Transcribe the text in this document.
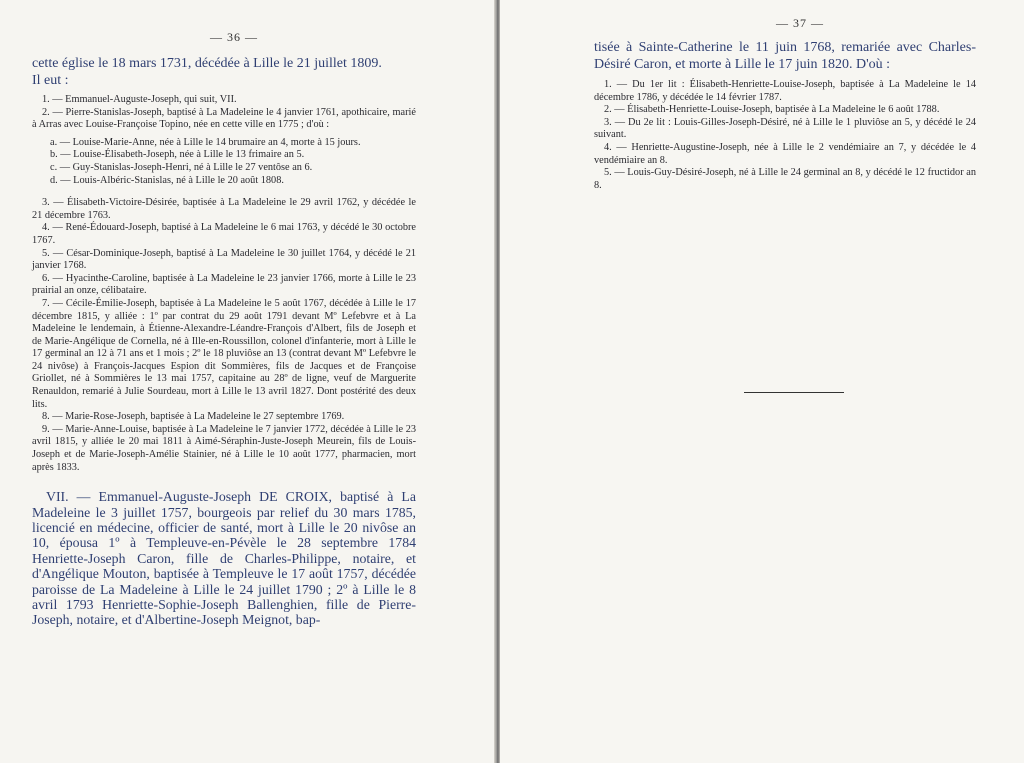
— 36 —

cette église le 18 mars 1731, décédée à Lille le 21 juillet 1809.

Il eut :

1. — Emmanuel-Auguste-Joseph, qui suit, VII.

2. — Pierre-Stanislas-Joseph, baptisé à La Madeleine le 4 janvier 1761, apothicaire, marié à Arras avec Louise-Françoise Topino, née en cette ville en 1775 ; d'où :

a. — Louise-Marie-Anne, née à Lille le 14 brumaire an 4, morte à 15 jours.

b. — Louise-Élisabeth-Joseph, née à Lille le 13 frimaire an 5.

c. — Guy-Stanislas-Joseph-Henri, né à Lille le 27 ventôse an 6.

d. — Louis-Albéric-Stanislas, né à Lille le 20 août 1808.

3. — Élisabeth-Victoire-Désirée, baptisée à La Madeleine le 29 avril 1762, y décédée le 21 décembre 1763.

4. — René-Édouard-Joseph, baptisé à La Madeleine le 6 mai 1763, y décédé le 30 octobre 1767.

5. — César-Dominique-Joseph, baptisé à La Madeleine le 30 juillet 1764, y décédé le 21 janvier 1768.

6. — Hyacinthe-Caroline, baptisée à La Madeleine le 23 janvier 1766, morte à Lille le 23 prairial an onze, célibataire.

7. — Cécile-Émilie-Joseph, baptisée à La Madeleine le 5 août 1767, décédée à Lille le 17 décembre 1815, y alliée : 1º par contrat du 29 août 1791 devant Mº Lefebvre et à La Madeleine le lendemain, à Étienne-Alexandre-Léandre-François d'Albert, fils de Joseph et de Marie-Angélique de Cornella, né à Ille-en-Roussillon, colonel d'infanterie, mort à Lille le 17 germinal an 12 à 71 ans et 1 mois ; 2º le 18 pluviôse an 13 (contrat devant Mº Lefebvre le 24 nivôse) à François-Jacques Espion dit Sommières, fils de Jacques et de Françoise Griollet, né à Sommières le 13 mai 1757, capitaine au 28º de ligne, veuf de Marguerite Renauldon, remarié à Julie Sourdeau, mort à Lille le 13 avril 1827. Dont postérité des deux lits.

8. — Marie-Rose-Joseph, baptisée à La Madeleine le 27 septembre 1769.

9. — Marie-Anne-Louise, baptisée à La Madeleine le 7 janvier 1772, décédée à Lille le 23 avril 1815, y alliée le 20 mai 1811 à Aimé-Séraphin-Juste-Joseph Meurein, fils de Louis-Joseph et de Marie-Joseph-Amélie Stainier, né à Lille le 10 août 1777, pharmacien, mort après 1833.

VII. — Emmanuel-Auguste-Joseph DE CROIX, baptisé à La Madeleine le 3 juillet 1757, bourgeois par relief du 30 mars 1785, licencié en médecine, officier de santé, mort à Lille le 20 nivôse an 10, épousa 1º à Templeuve-en-Pévèle le 28 septembre 1784 Henriette-Joseph Caron, fille de Charles-Philippe, notaire, et d'Angélique Mouton, baptisée à Templeuve le 17 août 1757, décédée paroisse de La Madeleine à Lille le 24 juillet 1790 ; 2º à Lille le 8 avril 1793 Henriette-Sophie-Joseph Ballenghien, fille de Pierre-Joseph, notaire, et d'Albertine-Joseph Meignot, bap-

— 37 —

tisée à Sainte-Catherine le 11 juin 1768, remariée avec Charles-Désiré Caron, et morte à Lille le 17 juin 1820. D'où :

1. — Du 1er lit : Élisabeth-Henriette-Louise-Joseph, baptisée à La Madeleine le 14 décembre 1786, y décédée le 14 février 1787.

2. — Élisabeth-Henriette-Louise-Joseph, baptisée à La Madeleine le 6 août 1788.

3. — Du 2e lit : Louis-Gilles-Joseph-Désiré, né à Lille le 1 pluviôse an 5, y décédé le 24 suivant.

4. — Henriette-Augustine-Joseph, née à Lille le 2 vendémiaire an 7, y décédée le 4 vendémiaire an 8.

5. — Louis-Guy-Désiré-Joseph, né à Lille le 24 germinal an 8, y décédé le 12 fructidor an 8.
